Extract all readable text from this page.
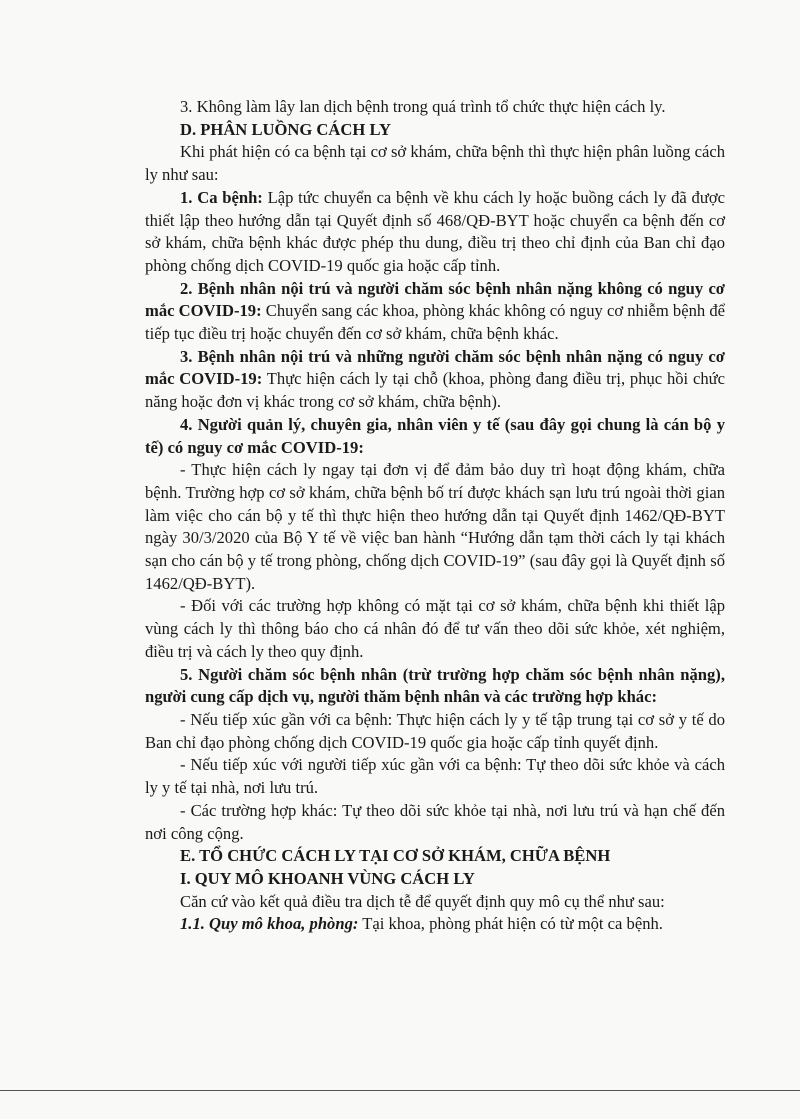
3. Không làm lây lan dịch bệnh trong quá trình tổ chức thực hiện cách ly.

D. PHÂN LUỒNG CÁCH LY

Khi phát hiện có ca bệnh tại cơ sở khám, chữa bệnh thì thực hiện phân luồng cách ly như sau:

1. Ca bệnh: Lập tức chuyển ca bệnh về khu cách ly hoặc buồng cách ly đã được thiết lập theo hướng dẫn tại Quyết định số 468/QĐ-BYT hoặc chuyển ca bệnh đến cơ sở khám, chữa bệnh khác được phép thu dung, điều trị theo chỉ định của Ban chỉ đạo phòng chống dịch COVID-19 quốc gia hoặc cấp tỉnh.

2. Bệnh nhân nội trú và người chăm sóc bệnh nhân nặng không có nguy cơ mắc COVID-19: Chuyển sang các khoa, phòng khác không có nguy cơ nhiễm bệnh để tiếp tục điều trị hoặc chuyển đến cơ sở khám, chữa bệnh khác.

3. Bệnh nhân nội trú và những người chăm sóc bệnh nhân nặng có nguy cơ mắc COVID-19: Thực hiện cách ly tại chỗ (khoa, phòng đang điều trị, phục hồi chức năng hoặc đơn vị khác trong cơ sở khám, chữa bệnh).

4. Người quản lý, chuyên gia, nhân viên y tế (sau đây gọi chung là cán bộ y tế) có nguy cơ mắc COVID-19:

- Thực hiện cách ly ngay tại đơn vị để đảm bảo duy trì hoạt động khám, chữa bệnh. Trường hợp cơ sở khám, chữa bệnh bố trí được khách sạn lưu trú ngoài thời gian làm việc cho cán bộ y tế thì thực hiện theo hướng dẫn tại Quyết định 1462/QĐ-BYT ngày 30/3/2020 của Bộ Y tế về việc ban hành “Hướng dẫn tạm thời cách ly tại khách sạn cho cán bộ y tế trong phòng, chống dịch COVID-19” (sau đây gọi là Quyết định số 1462/QĐ-BYT).

- Đối với các trường hợp không có mặt tại cơ sở khám, chữa bệnh khi thiết lập vùng cách ly thì thông báo cho cá nhân đó để tư vấn theo dõi sức khỏe, xét nghiệm, điều trị và cách ly theo quy định.

5. Người chăm sóc bệnh nhân (trừ trường hợp chăm sóc bệnh nhân nặng), người cung cấp dịch vụ, người thăm bệnh nhân và các trường hợp khác:

- Nếu tiếp xúc gần với ca bệnh: Thực hiện cách ly y tế tập trung tại cơ sở y tế do Ban chỉ đạo phòng chống dịch COVID-19 quốc gia hoặc cấp tỉnh quyết định.

- Nếu tiếp xúc với người tiếp xúc gần với ca bệnh: Tự theo dõi sức khỏe và cách ly y tế tại nhà, nơi lưu trú.

- Các trường hợp khác: Tự theo dõi sức khỏe tại nhà, nơi lưu trú và hạn chế đến nơi công cộng.

E. TỔ CHỨC CÁCH LY TẠI CƠ SỞ KHÁM, CHỮA BỆNH

I. QUY MÔ KHOANH VÙNG CÁCH LY

Căn cứ vào kết quả điều tra dịch tễ để quyết định quy mô cụ thể như sau:

1.1. Quy mô khoa, phòng: Tại khoa, phòng phát hiện có từ một ca bệnh.
